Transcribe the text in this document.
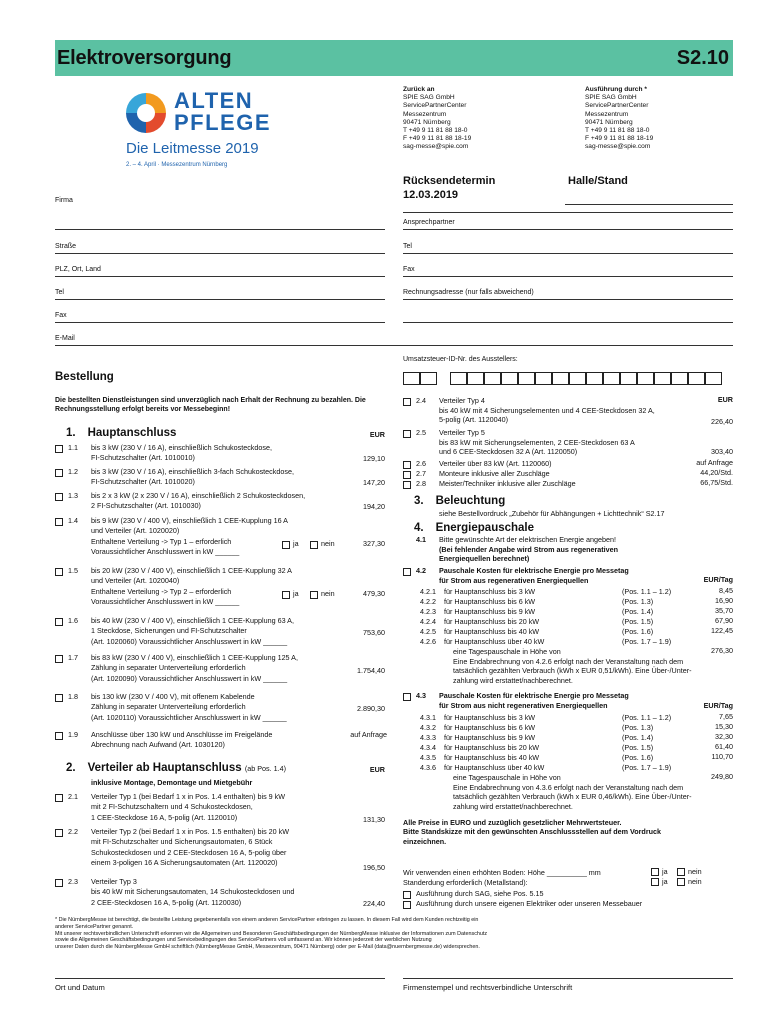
Elektroversorgung	S2.10
ALTEN
PFLEGE
Die Leitmesse 2019
2. – 4. April · Messezentrum Nürnberg
Zurück an
SPIE SAG GmbH
ServicePartnerCenter
Messezentrum
90471 Nürnberg
T +49 9 11 81 88 18-0
F +49 9 11 81 88 18-19
sag-messe@spie.com
Ausführung durch *
SPIE SAG GmbH
ServicePartnerCenter
Messezentrum
90471 Nürnberg
T +49 9 11 81 88 18-0
F +49 9 11 81 88 18-19
sag-messe@spie.com
Rücksendetermin
12.03.2019
Halle/Stand
Firma
Straße
PLZ, Ort, Land
Tel
Fax
E-Mail
Ansprechpartner
Tel
Fax
Rechnungsadresse (nur falls abweichend)
Umsatzsteuer-ID-Nr. des Ausstellers:
Bestellung
Die bestellten Dienstleistungen sind unverzüglich nach Erhalt der Rechnung zu bezahlen. Die Rechnungsstellung erfolgt bereits vor Messebeginn!
1. Hauptanschluss	EUR
1.1 bis 3 kW (230 V / 16 A), einschließlich Schukosteckdose,
FI-Schutzschalter (Art. 1010010)	129,10
1.2 bis 3 kW (230 V / 16 A), einschließlich 3-fach Schukosteckdose,
FI-Schutzschalter (Art. 1010020)	147,20
1.3 bis 2 x 3 kW (2 x 230 V / 16 A), einschließlich 2 Schukosteckdosen,
2 FI-Schutzschalter (Art. 1010030)	194,20
1.4 bis 9 kW (230 V / 400 V), einschließlich 1 CEE-Kupplung 16 A
und Verteiler (Art. 1020020)
Enthaltene Verteilung -> Typ 1 – erforderlich
Voraussichtlicher Anschlusswert in kW ______
ja	nein	327,30
1.5 bis 20 kW (230 V / 400 V), einschließlich 1 CEE-Kupplung 32 A
und Verteiler (Art. 1020040)
Enthaltene Verteilung -> Typ 2 – erforderlich
Voraussichtlicher Anschlusswert in kW ______
ja	nein	479,30
1.6 bis 40 kW (230 V / 400 V), einschließlich 1 CEE-Kupplung 63 A,
1 Steckdose, Sicherungen und FI-Schutzschalter
(Art. 1020060) Voraussichtlicher Anschlusswert in kW ______
753,60
1.7 bis 83 kW (230 V / 400 V), einschließlich 1 CEE-Kupplung 125 A,
Zählung in separater Unterverteilung erforderlich
(Art. 1020090) Voraussichtlicher Anschlusswert in kW ______
1.754,40
1.8 bis 130 kW (230 V / 400 V), mit offenem Kabelende
Zählung in separater Unterverteilung erforderlich
(Art. 1020110) Voraussichtlicher Anschlusswert in kW ______
2.890,30
1.9 Anschlüsse über 130 kW und Anschlüsse im Freigelände
Abrechnung nach Aufwand (Art. 1030120)
auf Anfrage
2. Verteiler ab Hauptanschluss (ab Pos. 1.4)	EUR
inklusive Montage, Demontage und Mietgebühr
2.1 Verteiler Typ 1 (bei Bedarf 1 x in Pos. 1.4 enthalten) bis 9 kW
mit 2 FI-Schutzschaltern und 4 Schukosteckdosen,
1 CEE-Steckdose 16 A, 5-polig (Art. 1120010)	131,30
2.2 Verteiler Typ 2 (bei Bedarf 1 x in Pos. 1.5 enthalten) bis 20 kW
mit FI-Schutzschalter und Sicherungsautomaten, 6 Stück
Schukosteckdosen und 2 CEE-Steckdosen 16 A, 5-polig über
einem 3-poligen 16 A Sicherungsautomaten (Art. 1120020)
196,50
2.3 Verteiler Typ 3
bis 40 kW mit Sicherungsautomaten, 14 Schukosteckdosen und
2 CEE-Steckdosen 16 A, 5-polig (Art. 1120030)	224,40
EUR
2.4 Verteiler Typ 4
bis 40 kW mit 4 Sicherungselementen und 4 CEE-Steckdosen 32 A,
5-polig (Art. 1120040)	226,40
2.5 Verteiler Typ 5
bis 83 kW mit Sicherungselementen, 2 CEE-Steckdosen 63 A
und 6 CEE-Steckdosen 32 A (Art. 1120050)	303,40
2.6 Verteiler über 83 kW (Art. 1120060)	auf Anfrage
2.7 Monteure inklusive aller Zuschläge	44,20/Std.
2.8 Meister/Techniker inklusive aller Zuschläge	66,75/Std.
3. Beleuchtung
siehe Bestellvordruck „Zubehör für Abhängungen + Lichttechnik“ S2.17
4. Energiepauschale
4.1 Bitte gewünschte Art der elektrischen Energie angeben!
(Bei fehlender Angabe wird Strom aus regenerativen
Energiequellen berechnet)
4.2 Pauschale Kosten für elektrische Energie pro Messetag
für Strom aus regenerativen Energiequellen	EUR/Tag
4.2.1 für Hauptanschluss bis 3 kW	(Pos. 1.1 – 1.2)	8,45
4.2.2 für Hauptanschluss bis 6 kW	(Pos. 1.3)	16,90
4.2.3 für Hauptanschluss bis 9 kW	(Pos. 1.4)	35,70
4.2.4 für Hauptanschluss bis 20 kW	(Pos. 1.5)	67,90
4.2.5 für Hauptanschluss bis 40 kW	(Pos. 1.6)	122,45
4.2.6 für Hauptanschluss über 40 kW	(Pos. 1.7 – 1.9)
eine Tagespauschale in Höhe von	276,30
Eine Endabrechnung von 4.2.6 erfolgt nach der Veranstaltung nach dem
tatsächlich gezählten Verbrauch (kWh x EUR 0,51/kWh). Eine Über-/Unter-
zahlung wird erstattet/nachberechnet.
4.3 Pauschale Kosten für elektrische Energie pro Messetag
für Strom aus nicht regenerativen Energiequellen	EUR/Tag
4.3.1 für Hauptanschluss bis 3 kW	(Pos. 1.1 – 1.2)	7,65
4.3.2 für Hauptanschluss bis 6 kW	(Pos. 1.3)	15,30
4.3.3 für Hauptanschluss bis 9 kW	(Pos. 1.4)	32,30
4.3.4 für Hauptanschluss bis 20 kW	(Pos. 1.5)	61,40
4.3.5 für Hauptanschluss bis 40 kW	(Pos. 1.6)	110,70
4.3.6 für Hauptanschluss über 40 kW	(Pos. 1.7 – 1.9)
eine Tagespauschale in Höhe von	249,80
Eine Endabrechnung von 4.3.6 erfolgt nach der Veranstaltung nach dem
tatsächlich gezählten Verbrauch (kWh x EUR 0,46/kWh). Eine Über-/Unter-
zahlung wird erstattet/nachberechnet.
Alle Preise in EURO und zuzüglich gesetzlicher Mehrwertsteuer.
Bitte Standskizze mit den gewünschten Anschlussstellen auf dem Vordruck
einzeichnen.
Wir verwenden einen erhöhten Boden: Höhe __________ mm
Standerdung erforderlich (Metallstand):
ja	nein
ja	nein
Ausführung durch SAG, siehe Pos. 5.15
Ausführung durch unsere eigenen Elektriker oder unseren Messebauer
* Die NürnbergMesse ist berechtigt, die bestellte Leistung gegebenenfalls von einem anderen ServicePartner erbringen zu lassen. In diesem Fall wird dem Kunden rechtzeitig ein
anderer ServicePartner genannt.
Mit unserer rechtsverbindlichen Unterschrift erkennen wir die Allgemeinen und Besonderen Geschäftsbedingungen der NürnbergMesse inklusive der Informationen zum Datenschutz
sowie die Allgemeinen Geschäftsbedingungen und Servicebedingungen des ServicePartners voll umfassend an. Wir können jederzeit der werblichen Nutzung
unserer Daten durch die NürnbergMesse GmbH schriftlich (NürnbergMesse GmbH, Messezentrum, 90471 Nürnberg) oder per E-Mail (data@nuernbergmesse.de) widersprechen.
Ort und Datum	Firmenstempel und rechtsverbindliche Unterschrift
